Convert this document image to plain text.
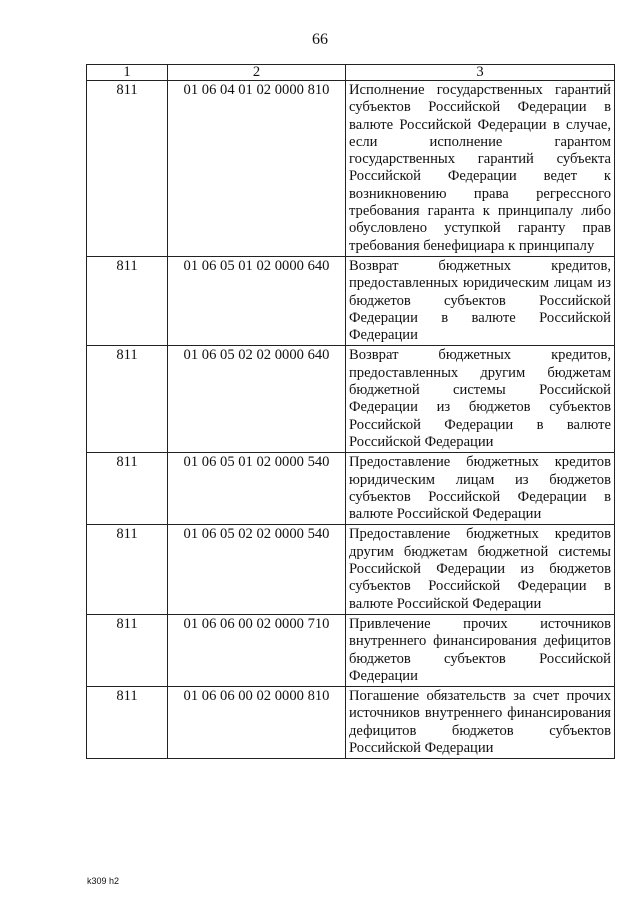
66
1	2	3
811	01 06 04 01 02 0000 810	Исполнение государственных гарантий субъектов Российской Федерации в валюте Российской Федерации в случае, если исполнение гарантом государственных гарантий субъекта Российской Федерации ведет к возникновению права регрессного требования гаранта к принципалу либо обусловлено уступкой гаранту прав требования бенефициара к принципалу
811	01 06 05 01 02 0000 640	Возврат бюджетных кредитов, предоставленных юридическим лицам из бюджетов субъектов Российской Федерации в валюте Российской Федерации
811	01 06 05 02 02 0000 640	Возврат бюджетных кредитов, предоставленных другим бюджетам бюджетной системы Российской Федерации из бюджетов субъектов Российской Федерации в валюте Российской Федерации
811	01 06 05 01 02 0000 540	Предоставление бюджетных кредитов юридическим лицам из бюджетов субъектов Российской Федерации в валюте Российской Федерации
811	01 06 05 02 02 0000 540	Предоставление бюджетных кредитов другим бюджетам бюджетной системы Российской Федерации из бюджетов субъектов Российской Федерации в валюте Российской Федерации
811	01 06 06 00 02 0000 710	Привлечение прочих источников внутреннего финансирования дефицитов бюджетов субъектов Российской Федерации
811	01 06 06 00 02 0000 810	Погашение обязательств за счет прочих источников внутреннего финансирования дефицитов бюджетов субъектов Российской Федерации
k309 h2
